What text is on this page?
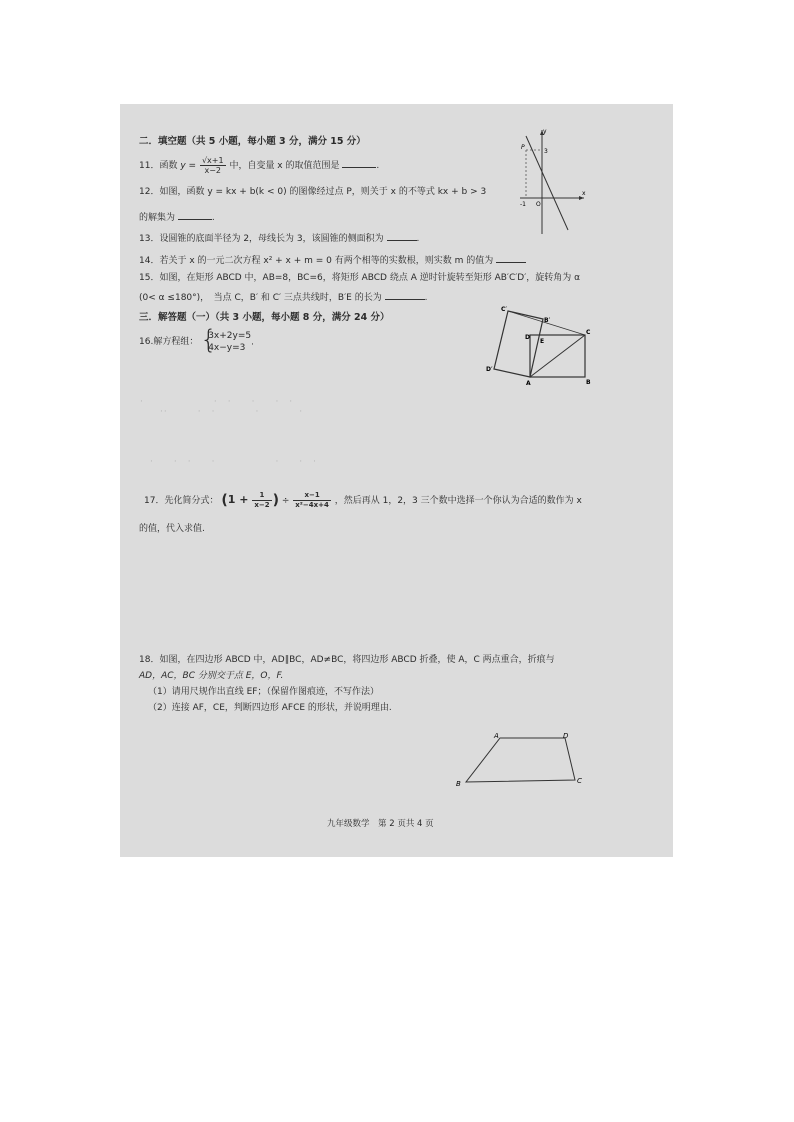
·　　　　　　　·　·　　·　　·　·
··　　　·　·　　　　·　　　　·
·　　·　·　　·　　　　　　·　　·　·
二．填空题（共 5 小题，每小题 3 分，满分 15 分）
11．函数 $y = \frac{√x+1}{x-2}$ 中，自变量 x 的取值范围是	.
12．如图，函数 y = kx + b(k < 0) 的图像经过点 P，则关于 x 的不等式 kx + b > 3
的解集为	.
13．设圆锥的底面半径为 2，母线长为 3，该圆锥的侧面积为	.
14．若关于 x 的一元二次方程 x² + x + m = 0 有两个相等的实数根，则实数 m 的值为
15．如图，在矩形 ABCD 中，AB=8，BC=6，将矩形 ABCD 绕点 A 逆时针旋转至矩形 AB′C′D′，旋转角为 α
(0< α ≤180°)，　当点 C，B′ 和 C′ 三点共线时，B′E 的长为	.
三．解答题（一）（共 3 小题，每小题 8 分，满分 24 分）
16.解方程组：
{ 3x+2y=5
4x−y=3
.
17．先化简分式： ($1 + \frac{1}{x-2}$ ) ÷ $\frac{x-1}{\text{x²−4x+4}}$ ，然后再从 1，2，3 三个数中选择一个你认为合适的数作为 x
的值，代入求值.
18．如图，在四边形 ABCD 中，AD∥BC，AD≠BC，将四边形 ABCD 折叠，使 A，C 两点重合，折痕与
AD，AC，BC 分别交于点 E，O，F.
（1）请用尺规作出直线 EF；（保留作图痕迹，不写作法）
（2）连接 AF，CE，判断四边形 AFCE 的形状，并说明理由.
y
x
P
3
-1 O
C′
B′
C
E
D
D′
A	B
A	D
B	C
九年级数学　第 2 页共 4 页
